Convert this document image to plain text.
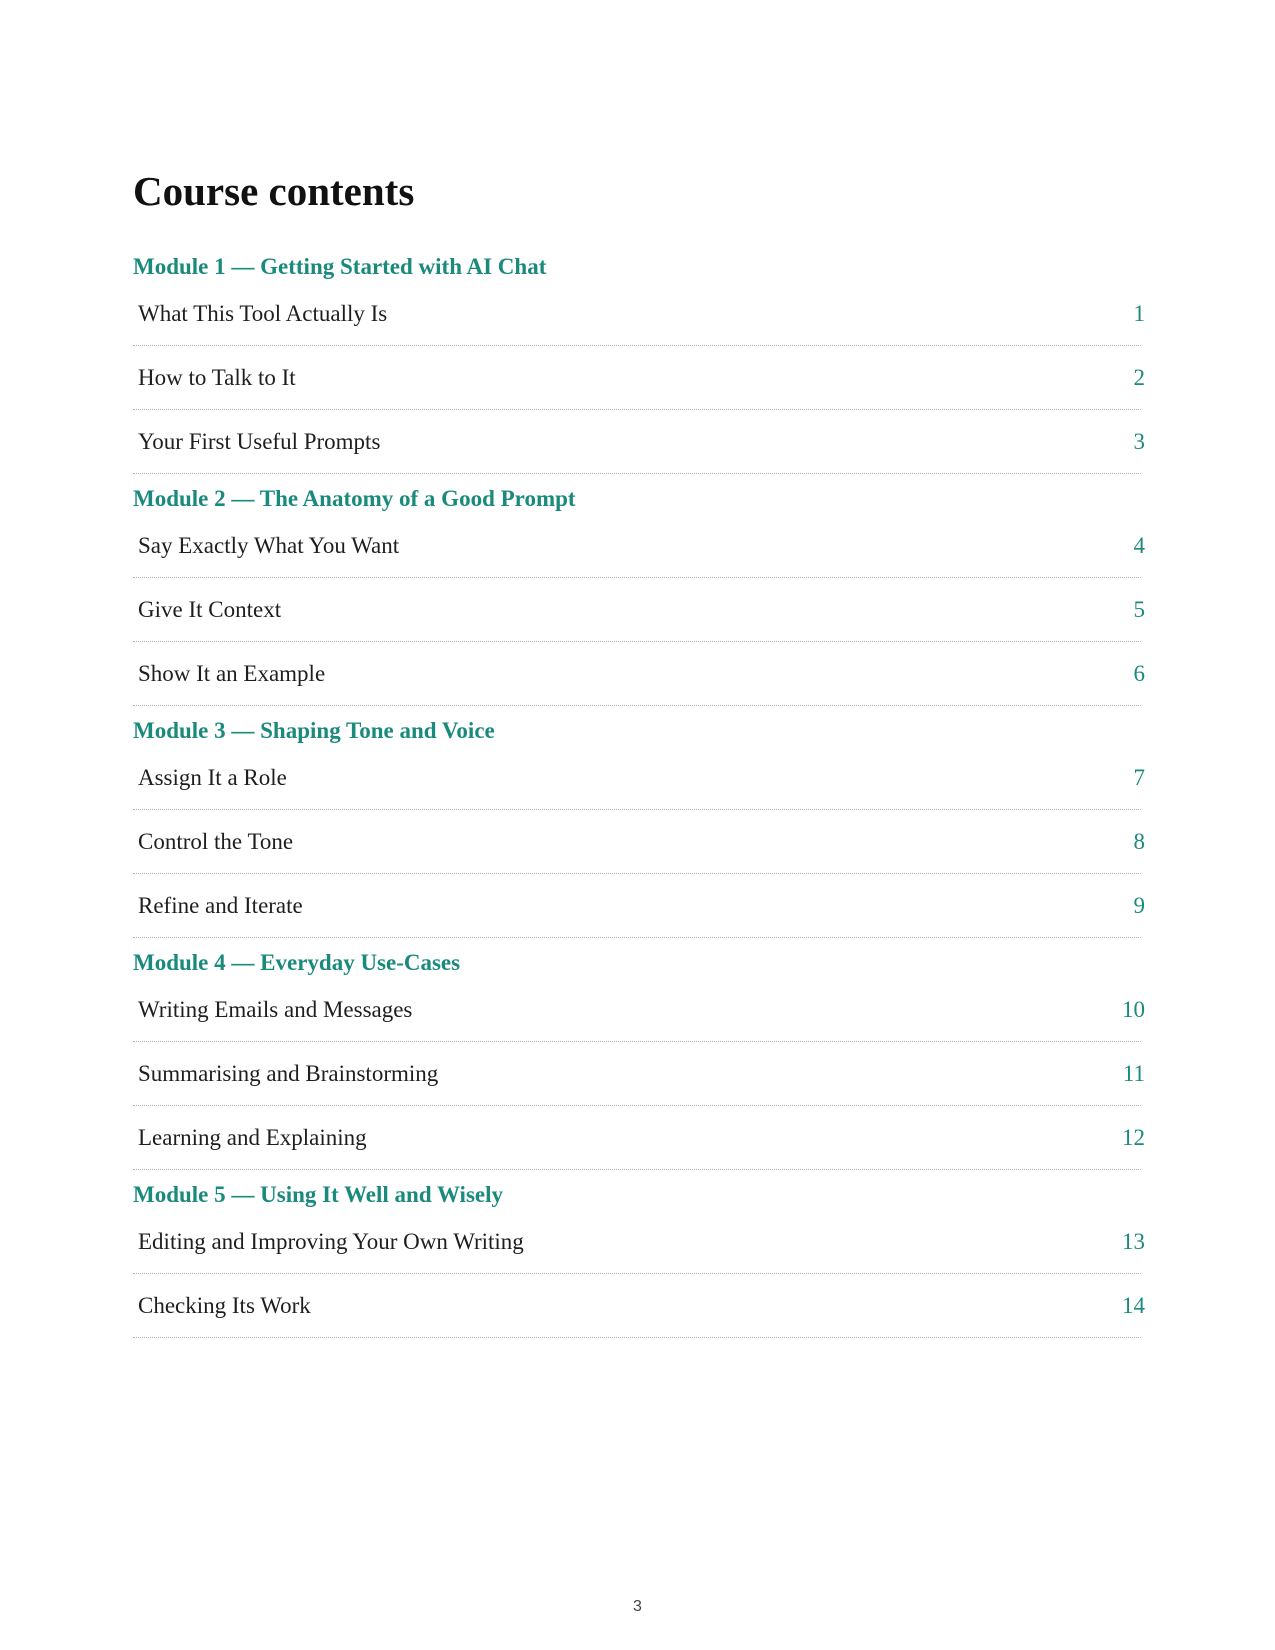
Course contents
Module 1 — Getting Started with AI Chat
What This Tool Actually Is	1
How to Talk to It	2
Your First Useful Prompts	3
Module 2 — The Anatomy of a Good Prompt
Say Exactly What You Want	4
Give It Context	5
Show It an Example	6
Module 3 — Shaping Tone and Voice
Assign It a Role	7
Control the Tone	8
Refine and Iterate	9
Module 4 — Everyday Use-Cases
Writing Emails and Messages	10
Summarising and Brainstorming	11
Learning and Explaining	12
Module 5 — Using It Well and Wisely
Editing and Improving Your Own Writing	13
Checking Its Work	14
3
